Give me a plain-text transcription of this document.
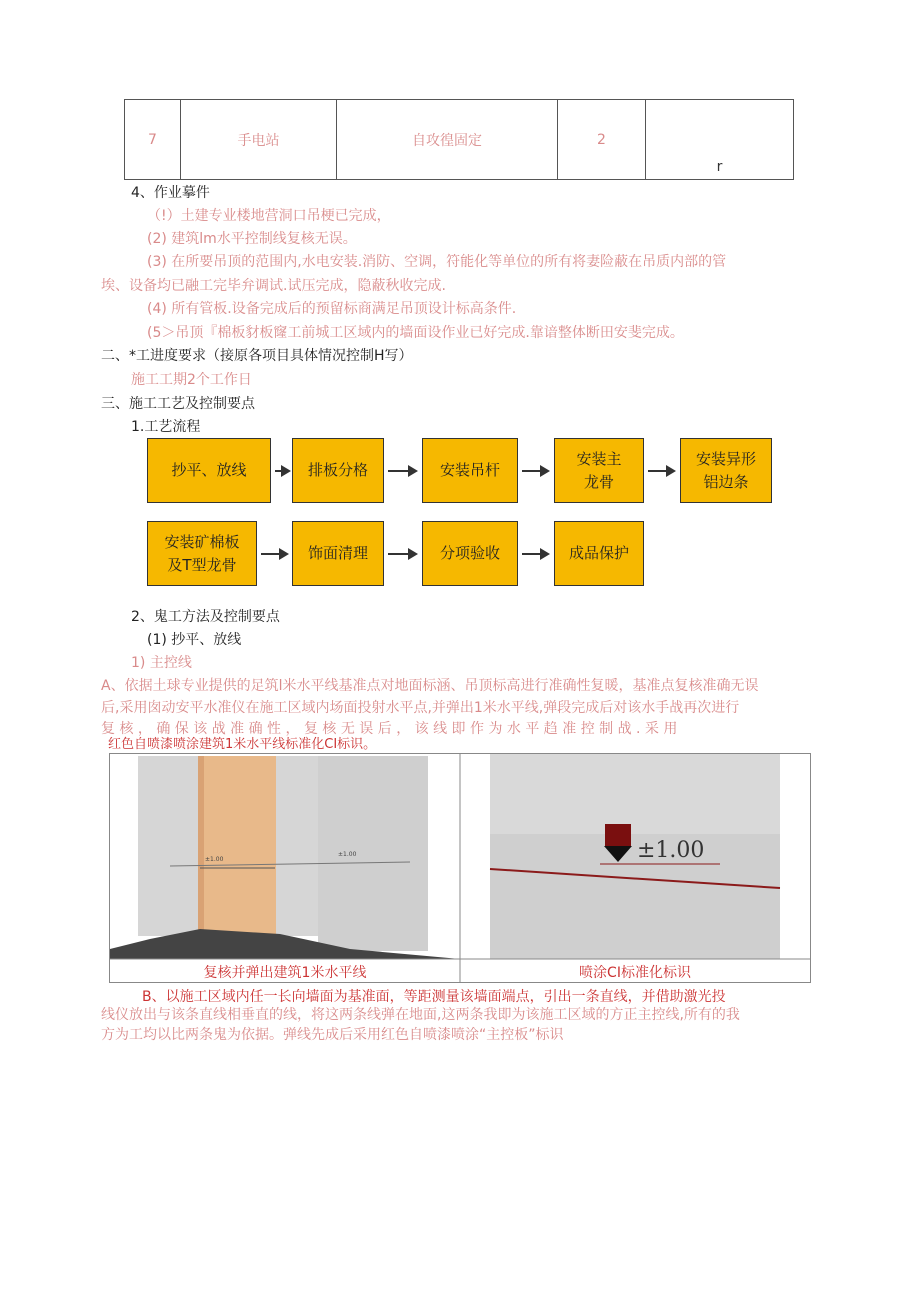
7	手电站	自攻徨固定	2	r
4、作业摹件
（!）土建专业楼地营洞口吊梗已完成，
(2) 建筑lm水平控制线复核无误。
(3) 在所要吊顶的范围内,水电安装.消防、空调，符能化等单位的所有将妻险蔽在吊质内部的管
埃、设备均已融工完毕弁调试.试压完成，隐蔽秋收完成.
(4) 所有管板.设备完成后的预留标商满足吊顶设计标高条件.
(5＞吊顶『棉板豺板窿工前城工区域内的墙面设作业已好完成.靠谙整体断田安斐完成。
二、*工进度要求（接原各项目具体情况控制H写）
施工工期2个工作日
三、施工工艺及控制要点
1.工艺流程
抄平、放线	排板分格	安装吊杆
安装主龙骨
安装异形铝边条
安装矿棉板及T型龙骨
饰面清理	分项验收	成品保护
2、鬼工方法及控制要点
(1) 抄平、放线
1) 主控线
A、依据土球专业提供的足筑l米水平线基准点对地面标涵、吊顶标高进行准确性复暖，基准点复核准确无误
后,采用囱动安平水准仪在施工区域内场面投射水平点,并弹出1米水平线,弹段完成后对该水手战再次进行
复 核 ， 确 保 该 战 准 确 性 ， 复 核 无 误 后 ， 该 线 即 作 为 水 平 趋 准 控 制 战 . 采 用
红色自喷漆喷涂建筑1米水平线标准化CI标识。
±1.00
±1.00	±1.00
复核并弹出建筑1米水平线	喷涂CI标准化标识
B、以施工区域内任一长向墙面为基准面，等距测量该墙面端点，引出一条直线，并借助激光投
线仪放出与该条直线相垂直的线，将这两条线弹在地面,这两条我即为该施工区域的方正主控线,所有的我
方为工均以比两条鬼为依据。弹线先成后采用红色自喷漆喷涂“主控板”标识
